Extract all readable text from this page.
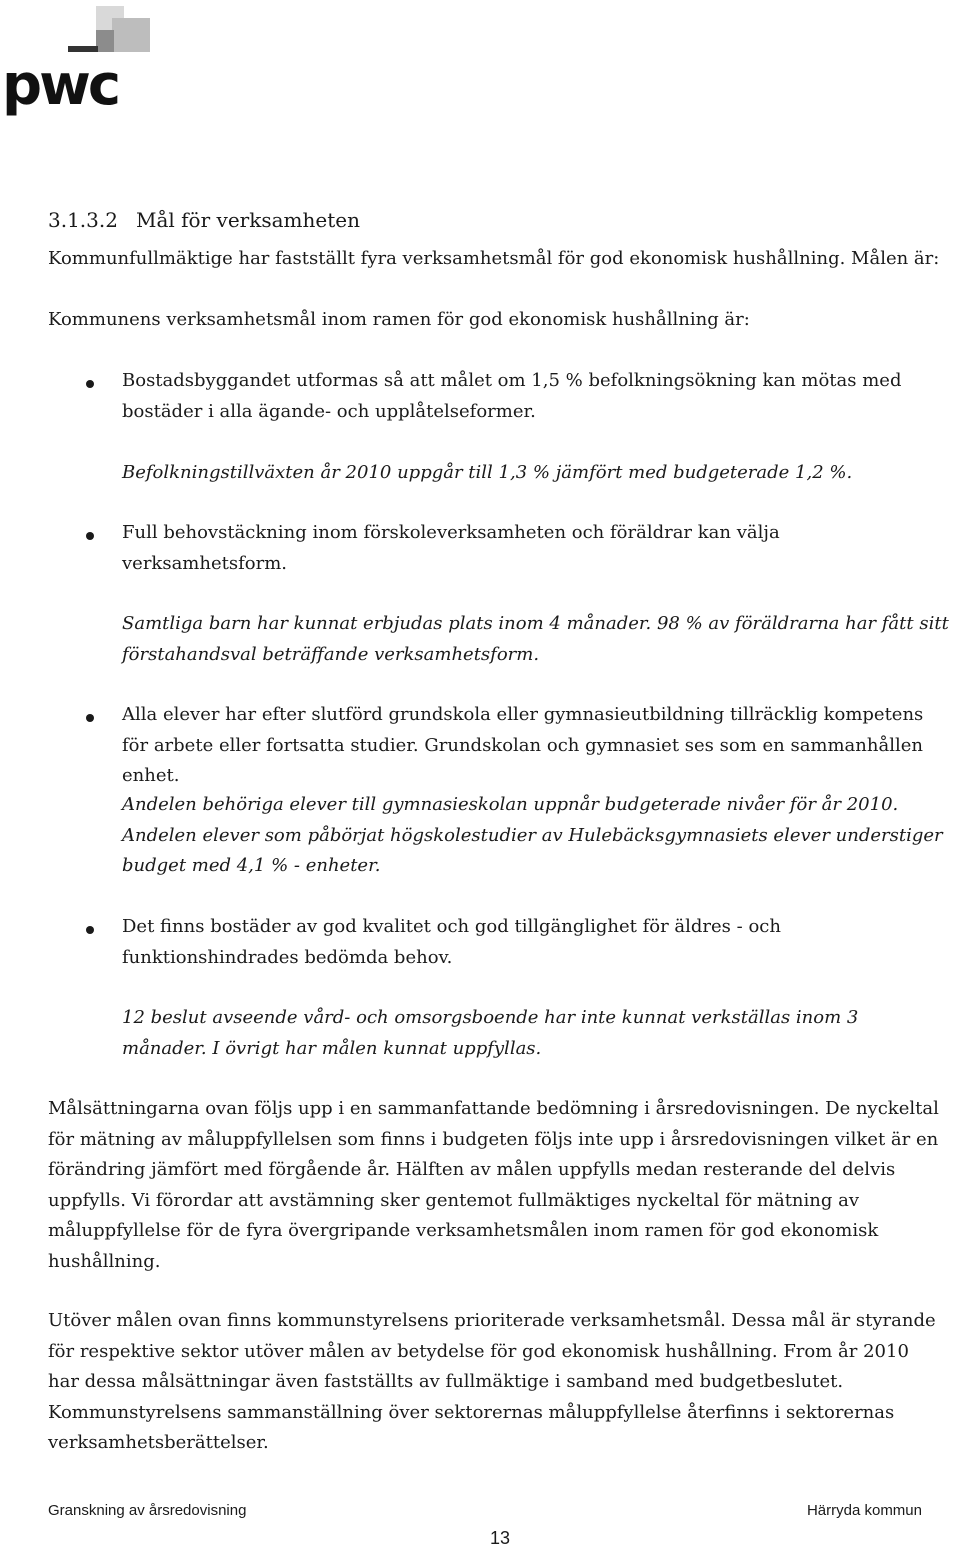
pwc
3.1.3.2 Mål för verksamheten
Kommunfullmäktige har fastställt fyra verksamhetsmål för god ekonomisk hushållning. Målen är:
Kommunens verksamhetsmål inom ramen för god ekonomisk hushållning är:
Bostadsbyggandet utformas så att målet om 1,5 % befolkningsökning kan mötas med bostäder i alla ägande- och upplåtelseformer.
Befolkningstillväxten år 2010 uppgår till 1,3 % jämfört med budgeterade 1,2 %.
Full behovstäckning inom förskoleverksamheten och föräldrar kan välja verksamhetsform.
Samtliga barn har kunnat erbjudas plats inom 4 månader. 98 % av föräldrarna har fått sitt förstahandsval beträffande verksamhetsform.
Alla elever har efter slutförd grundskola eller gymnasieutbildning tillräcklig kompetens för arbete eller fortsatta studier. Grundskolan och gymnasiet ses som en sammanhållen enhet.
Andelen behöriga elever till gymnasieskolan uppnår budgeterade nivåer för år 2010. Andelen elever som påbörjat högskolestudier av Hulebäcksgymnasiets elever understiger budget med 4,1 % - enheter.
Det finns bostäder av god kvalitet och god tillgänglighet för äldres - och funktionshindrades bedömda behov.
12 beslut avseende vård- och omsorgsboende har inte kunnat verkställas inom 3 månader. I övrigt har målen kunnat uppfyllas.
Målsättningarna ovan följs upp i en sammanfattande bedömning i årsredovisningen. De nyckeltal för mätning av måluppfyllelsen som finns i budgeten följs inte upp i årsredovisningen vilket är en förändring jämfört med förgående år. Hälften av målen uppfylls medan resterande del delvis uppfylls. Vi förordar att avstämning sker gentemot fullmäktiges nyckeltal för mätning av måluppfyllelse för de fyra övergripande verksamhetsmålen inom ramen för god ekonomisk hushållning.
Utöver målen ovan finns kommunstyrelsens prioriterade verksamhetsmål. Dessa mål är styrande för respektive sektor utöver målen av betydelse för god ekonomisk hushållning. From år 2010 har dessa målsättningar även fastställts av fullmäktige i samband med budgetbeslutet. Kommunstyrelsens sammanställning över sektorernas måluppfyllelse återfinns i sektorernas verksamhetsberättelser.
Granskning av årsredovisning	Härryda kommun
13
